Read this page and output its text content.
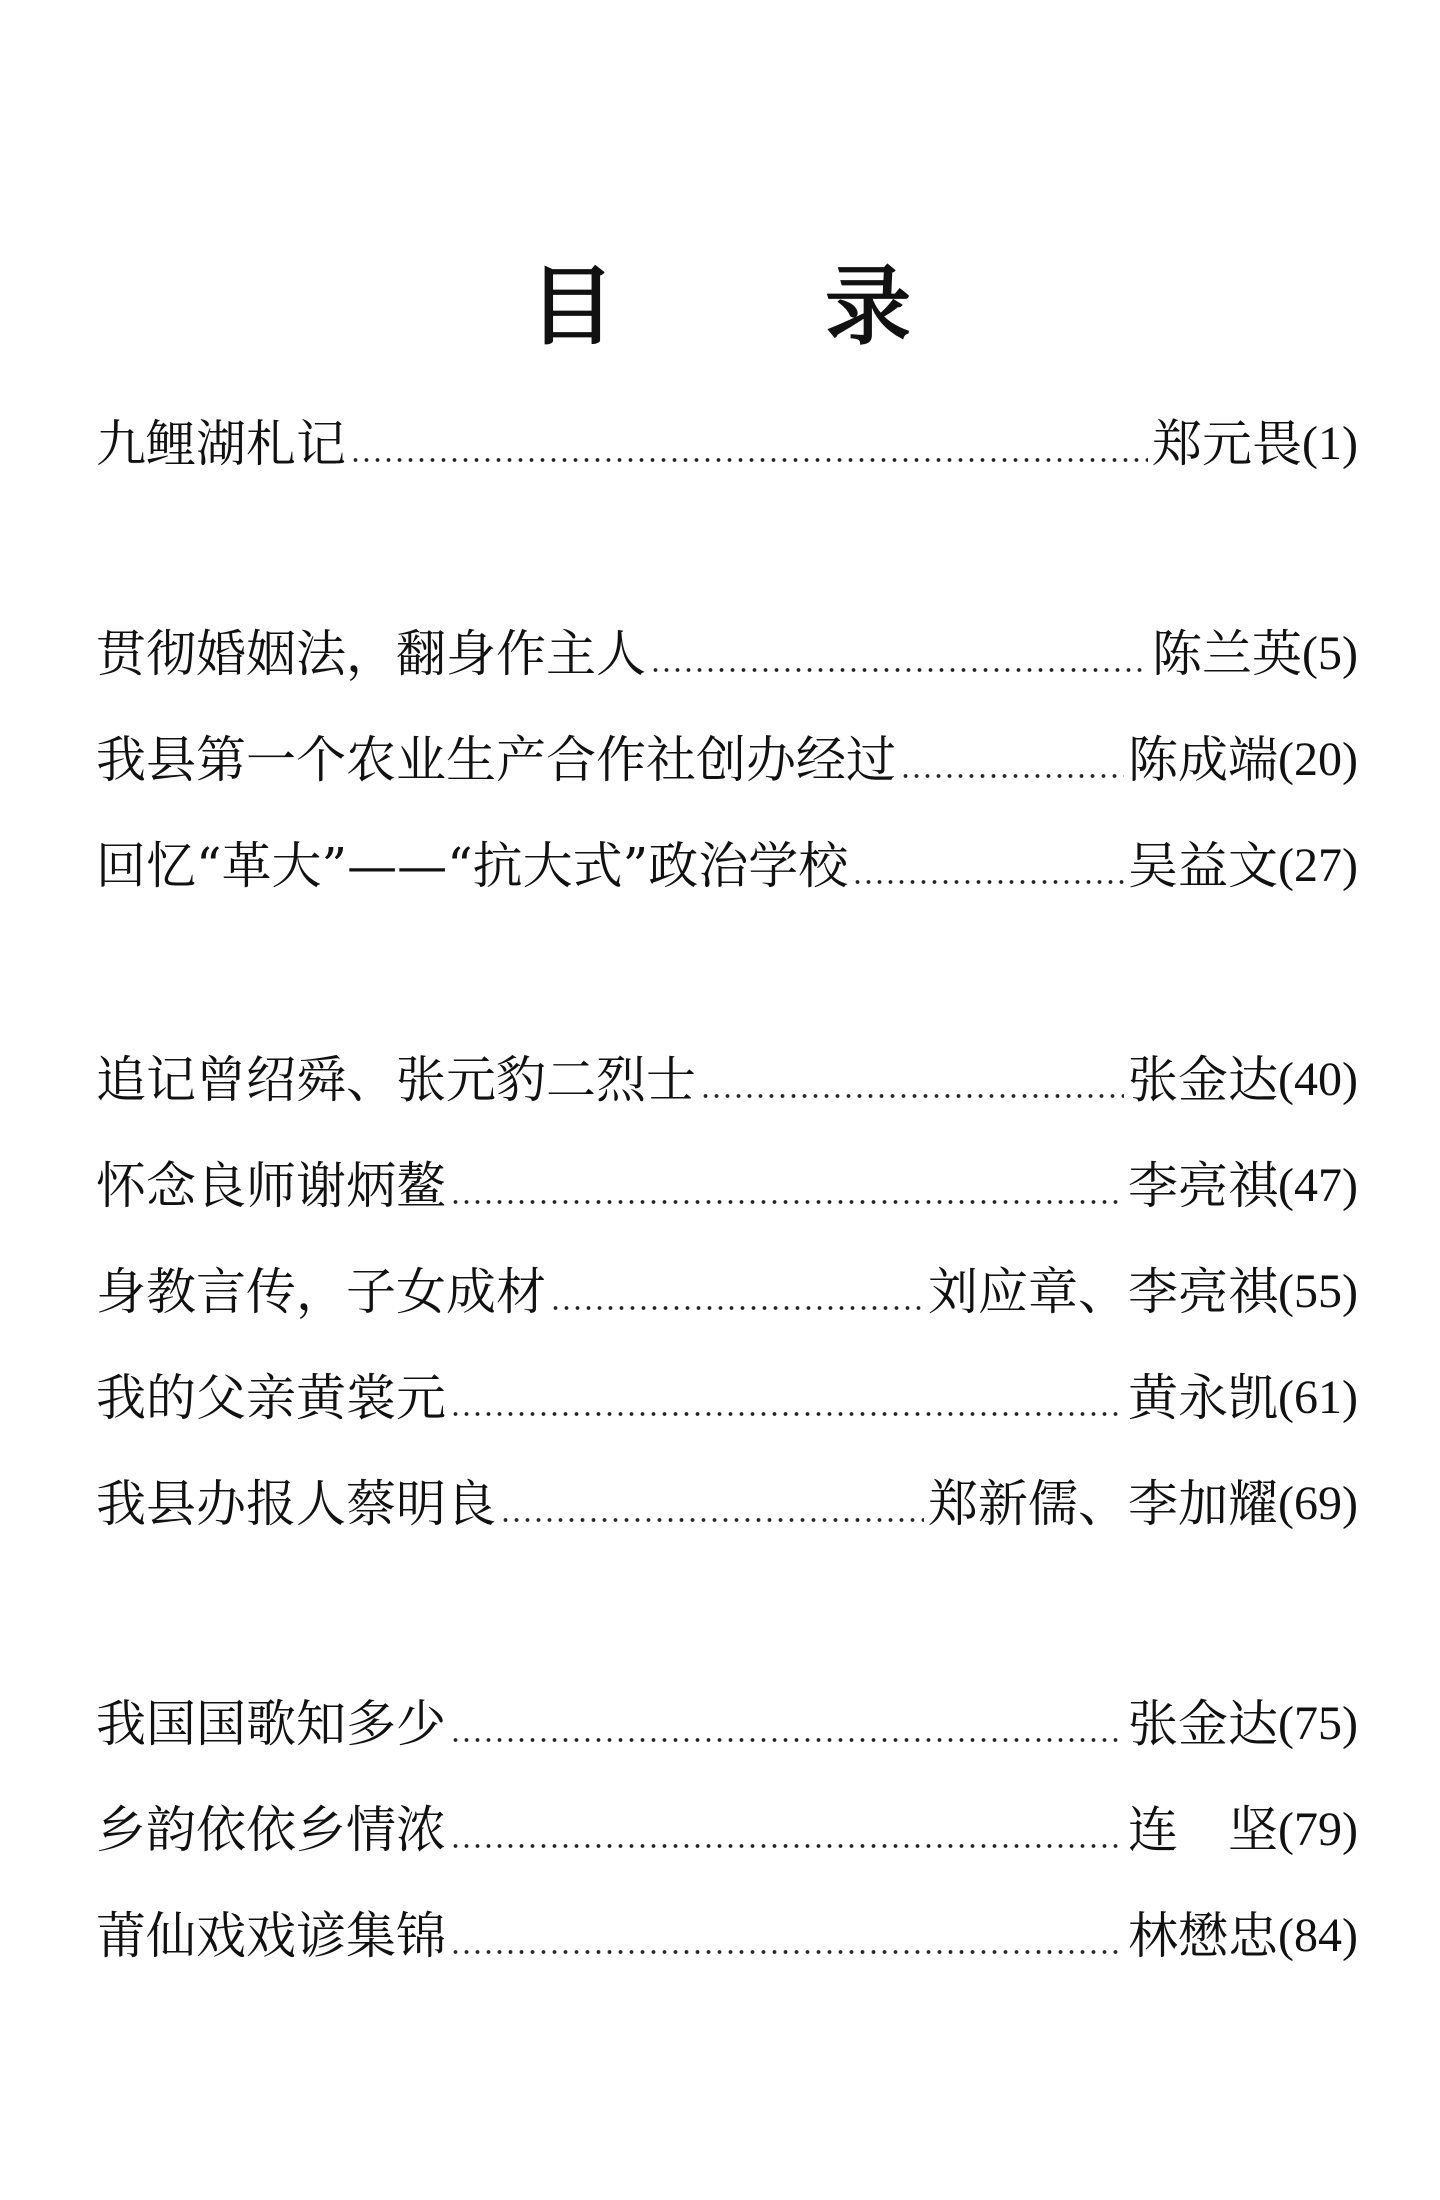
目 录
九鲤湖札记	郑元畏 (1)
贯彻婚姻法，翻身作主人	陈兰英 (5)
我县第一个农业生产合作社创办经过	陈成端 (20)
回忆“革大”——“抗大式”政治学校	吴益文 (27)
追记曾绍舜、张元豹二烈士	张金达 (40)
怀念良师谢炳鳌	李亮祺 (47)
身教言传，子女成材	刘应章、李亮祺 (55)
我的父亲黄裳元	黄永凯 (61)
我县办报人蔡明良	郑新儒、李加耀 (69)
我国国歌知多少	张金达 (75)
乡韵依依乡情浓	连　坚 (79)
莆仙戏戏谚集锦	林懋忠 (84)
